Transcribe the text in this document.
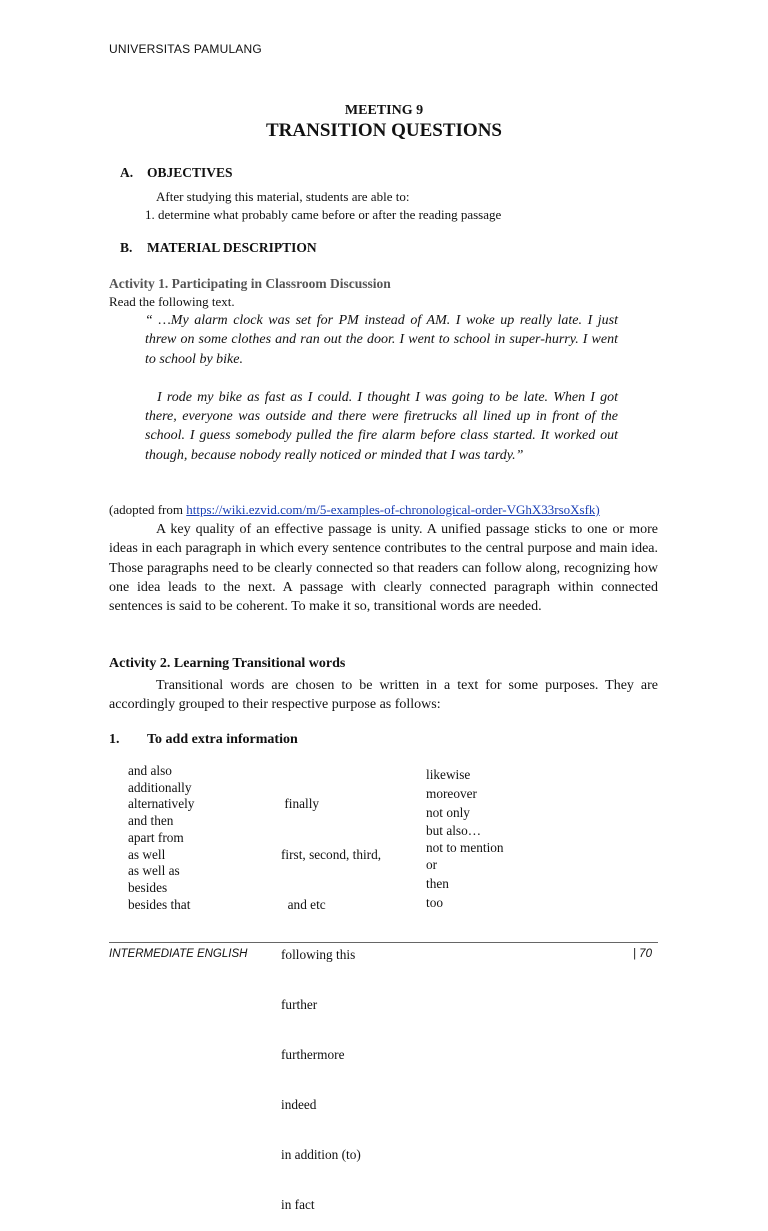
UNIVERSITAS PAMULANG
MEETING 9
TRANSITION QUESTIONS
A. OBJECTIVES
After studying this material, students are able to:
1. determine what probably came before or after the reading passage
B. MATERIAL DESCRIPTION
Activity 1. Participating in Classroom Discussion
Read the following text.

“ …My alarm clock was set for PM instead of AM. I woke up really late. I just threw on some clothes and ran out the door. I went to school in super-hurry. I went to school by bike.

I rode my bike as fast as I could. I thought I was going to be late. When I got there, everyone was outside and there were firetrucks all lined up in front of the school. I guess somebody pulled the fire alarm before class started. It worked out though, because nobody really noticed or minded that I was tardy.”

(adopted from https://wiki.ezvid.com/m/5-examples-of-chronological-order-VGhX33rsoXsfk)

A key quality of an effective passage is unity. A unified passage sticks to one or more ideas in each paragraph in which every sentence contributes to the central purpose and main idea. Those paragraphs need to be clearly connected so that readers can follow along, recognizing how one idea leads to the next. A passage with clearly connected paragraph within connected sentences is said to be coherent. To make it so, transitional words are needed.

Activity 2. Learning Transitional words

Transitional words are chosen to be written in a text for some purposes. They are accordingly grouped to their respective purpose as follows:

1. To add extra information
and also
additionally
alternatively
and then
apart from
as well
as well as
besides
besides that

finally

first, second, third,

and etc

following this

further

furthermore

indeed

in addition (to)

in fact

likewise
moreover
not only
but also…
not to mention
or
then
too
INTERMEDIATE ENGLISH	| 70
